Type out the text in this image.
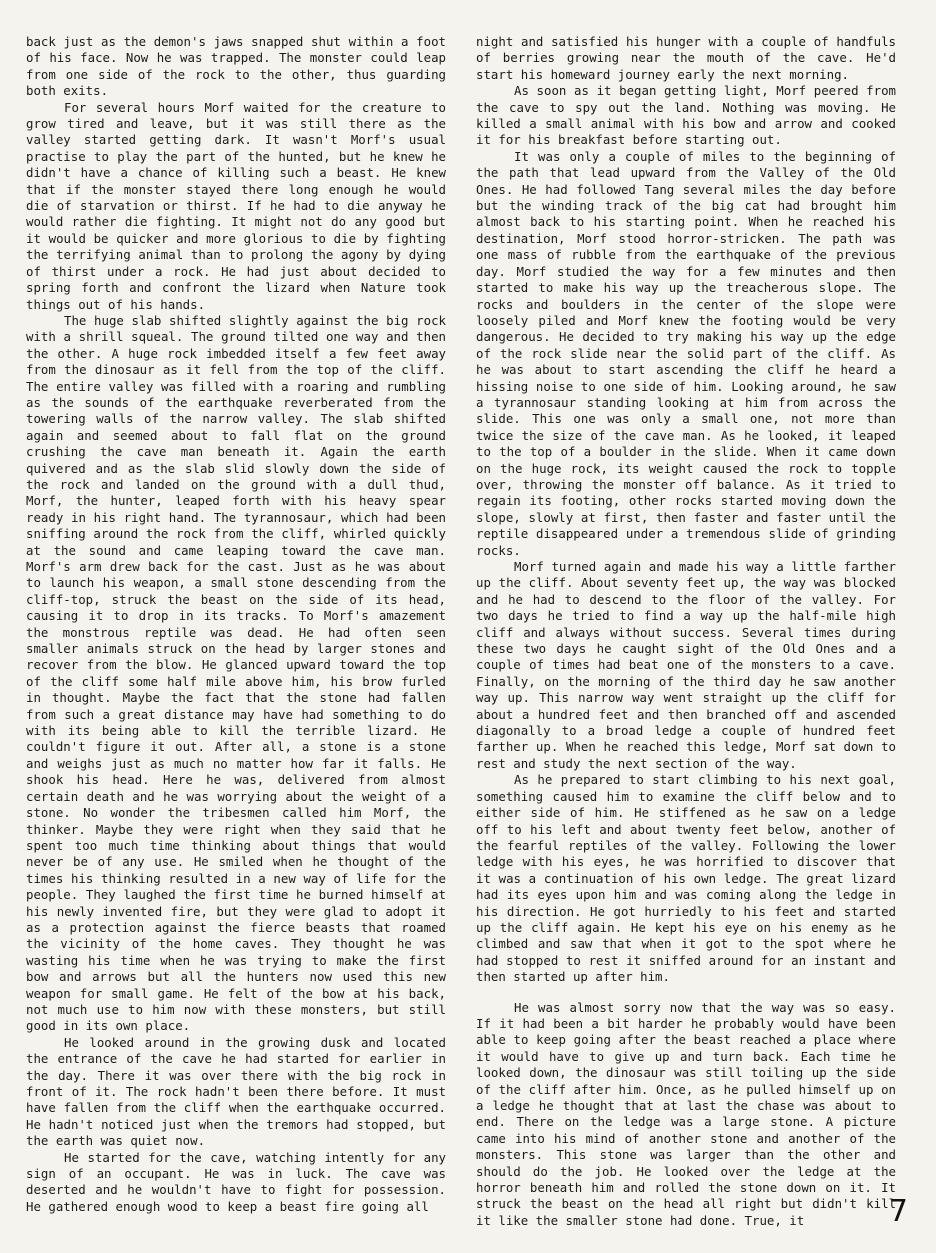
back just as the demon's jaws snapped shut within a foot of his face. Now he was trapped. The monster could leap from one side of the rock to the other, thus guarding both exits.

For several hours Morf waited for the creature to grow tired and leave, but it was still there as the valley started getting dark. It wasn't Morf's usual practise to play the part of the hunted, but he knew he didn't have a chance of killing such a beast. He knew that if the monster stayed there long enough he would die of starvation or thirst. If he had to die anyway he would rather die fighting. It might not do any good but it would be quicker and more glorious to die by fighting the terrifying animal than to prolong the agony by dying of thirst under a rock. He had just about decided to spring forth and confront the lizard when Nature took things out of his hands.

The huge slab shifted slightly against the big rock with a shrill squeal. The ground tilted one way and then the other. A huge rock imbedded itself a few feet away from the dinosaur as it fell from the top of the cliff. The entire valley was filled with a roaring and rumbling as the sounds of the earthquake reverberated from the towering walls of the narrow valley. The slab shifted again and seemed about to fall flat on the ground crushing the cave man beneath it. Again the earth quivered and as the slab slid slowly down the side of the rock and landed on the ground with a dull thud, Morf, the hunter, leaped forth with his heavy spear ready in his right hand. The tyrannosaur, which had been sniffing around the rock from the cliff, whirled quickly at the sound and came leaping toward the cave man. Morf's arm drew back for the cast. Just as he was about to launch his weapon, a small stone descending from the cliff-top, struck the beast on the side of its head, causing it to drop in its tracks. To Morf's amazement the monstrous reptile was dead. He had often seen smaller animals struck on the head by larger stones and recover from the blow. He glanced upward toward the top of the cliff some half mile above him, his brow furled in thought. Maybe the fact that the stone had fallen from such a great distance may have had something to do with its being able to kill the terrible lizard. He couldn't figure it out. After all, a stone is a stone and weighs just as much no matter how far it falls. He shook his head. Here he was, delivered from almost certain death and he was worrying about the weight of a stone. No wonder the tribesmen called him Morf, the thinker. Maybe they were right when they said that he spent too much time thinking about things that would never be of any use. He smiled when he thought of the times his thinking resulted in a new way of life for the people. They laughed the first time he burned himself at his newly invented fire, but they were glad to adopt it as a protection against the fierce beasts that roamed the vicinity of the home caves. They thought he was wasting his time when he was trying to make the first bow and arrows but all the hunters now used this new weapon for small game. He felt of the bow at his back, not much use to him now with these monsters, but still good in its own place.

He looked around in the growing dusk and located the entrance of the cave he had started for earlier in the day. There it was over there with the big rock in front of it. The rock hadn't been there before. It must have fallen from the cliff when the earthquake occurred. He hadn't noticed just when the tremors had stopped, but the earth was quiet now.

He started for the cave, watching intently for any sign of an occupant. He was in luck. The cave was deserted and he wouldn't have to fight for possession. He gathered enough wood to keep a beast fire going all

night and satisfied his hunger with a couple of handfuls of berries growing near the mouth of the cave. He'd start his homeward journey early the next morning.

As soon as it began getting light, Morf peered from the cave to spy out the land. Nothing was moving. He killed a small animal with his bow and arrow and cooked it for his breakfast before starting out.

It was only a couple of miles to the beginning of the path that lead upward from the Valley of the Old Ones. He had followed Tang several miles the day before but the winding track of the big cat had brought him almost back to his starting point. When he reached his destination, Morf stood horror-stricken. The path was one mass of rubble from the earthquake of the previous day. Morf studied the way for a few minutes and then started to make his way up the treacherous slope. The rocks and boulders in the center of the slope were loosely piled and Morf knew the footing would be very dangerous. He decided to try making his way up the edge of the rock slide near the solid part of the cliff. As he was about to start ascending the cliff he heard a hissing noise to one side of him. Looking around, he saw a tyrannosaur standing looking at him from across the slide. This one was only a small one, not more than twice the size of the cave man. As he looked, it leaped to the top of a boulder in the slide. When it came down on the huge rock, its weight caused the rock to topple over, throwing the monster off balance. As it tried to regain its footing, other rocks started moving down the slope, slowly at first, then faster and faster until the reptile disappeared under a tremendous slide of grinding rocks.

Morf turned again and made his way a little farther up the cliff. About seventy feet up, the way was blocked and he had to descend to the floor of the valley. For two days he tried to find a way up the half-mile high cliff and always without success. Several times during these two days he caught sight of the Old Ones and a couple of times had beat one of the monsters to a cave. Finally, on the morning of the third day he saw another way up. This narrow way went straight up the cliff for about a hundred feet and then branched off and ascended diagonally to a broad ledge a couple of hundred feet farther up. When he reached this ledge, Morf sat down to rest and study the next section of the way.

As he prepared to start climbing to his next goal, something caused him to examine the cliff below and to either side of him. He stiffened as he saw on a ledge off to his left and about twenty feet below, another of the fearful reptiles of the valley. Following the lower ledge with his eyes, he was horrified to discover that it was a continuation of his own ledge. The great lizard had its eyes upon him and was coming along the ledge in his direction. He got hurriedly to his feet and started up the cliff again. He kept his eye on his enemy as he climbed and saw that when it got to the spot where he had stopped to rest it sniffed around for an instant and then started up after him.

He was almost sorry now that the way was so easy. If it had been a bit harder he probably would have been able to keep going after the beast reached a place where it would have to give up and turn back. Each time he looked down, the dinosaur was still toiling up the side of the cliff after him. Once, as he pulled himself up on a ledge he thought that at last the chase was about to end. There on the ledge was a large stone. A picture came into his mind of another stone and another of the monsters. This stone was larger than the other and should do the job. He looked over the ledge at the horror beneath him and rolled the stone down on it. It struck the beast on the head all right but didn't kill it like the smaller stone had done. True, it	7
